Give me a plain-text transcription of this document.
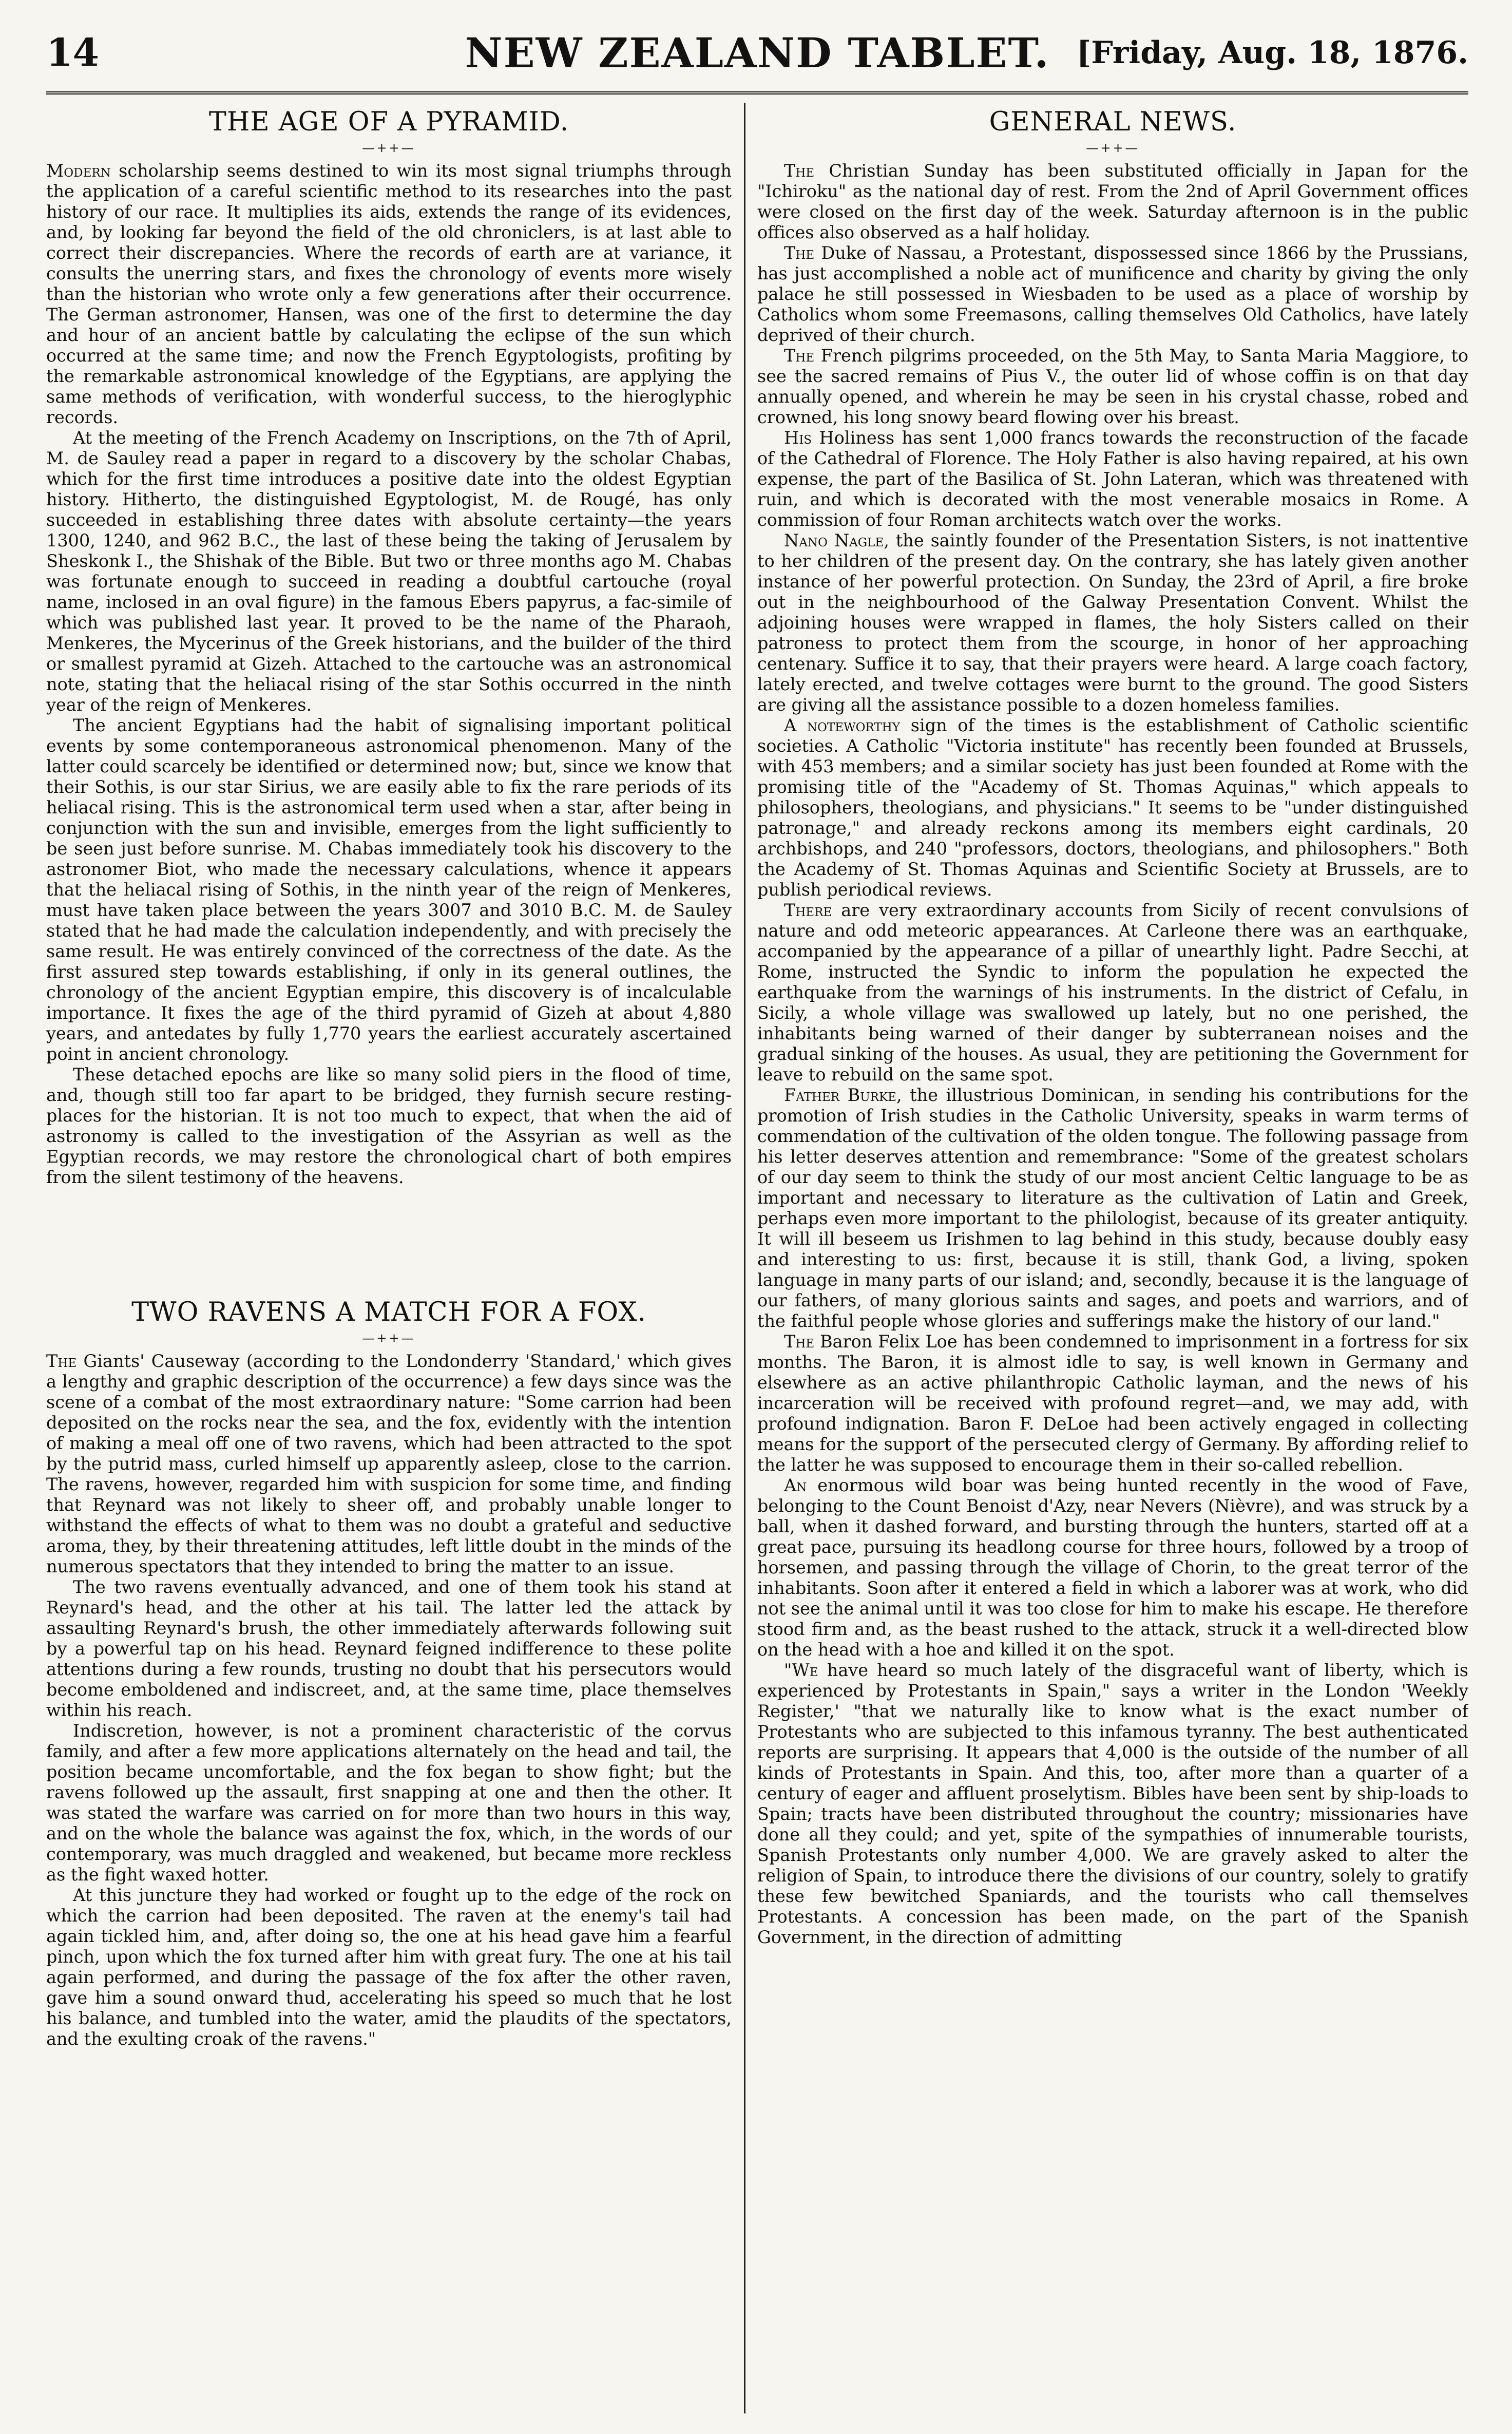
14	NEW ZEALAND TABLET. [Friday, Aug. 18, 1876.
THE AGE OF A PYRAMID.
—++—

Modern scholarship seems destined to win its most signal triumphs through the application of a careful scientific method to its researches into the past history of our race. It multiplies its aids, extends the range of its evidences, and, by looking far beyond the field of the old chroniclers, is at last able to correct their discrepancies. Where the records of earth are at variance, it consults the unerring stars, and fixes the chronology of events more wisely than the historian who wrote only a few generations after their occurrence. The German astronomer, Hansen, was one of the first to determine the day and hour of an ancient battle by calculating the eclipse of the sun which occurred at the same time; and now the French Egyptologists, profiting by the remarkable astronomical knowledge of the Egyptians, are applying the same methods of verification, with wonderful success, to the hieroglyphic records.

At the meeting of the French Academy on Inscriptions, on the 7th of April, M. de Sauley read a paper in regard to a discovery by the scholar Chabas, which for the first time introduces a positive date into the oldest Egyptian history. Hitherto, the distinguished Egyptologist, M. de Rougé, has only succeeded in establishing three dates with absolute certainty—the years 1300, 1240, and 962 B.C., the last of these being the taking of Jerusalem by Sheskonk I., the Shishak of the Bible. But two or three months ago M. Chabas was fortunate enough to succeed in reading a doubtful cartouche (royal name, inclosed in an oval figure) in the famous Ebers papyrus, a fac-simile of which was published last year. It proved to be the name of the Pharaoh, Menkeres, the Mycerinus of the Greek historians, and the builder of the third or smallest pyramid at Gizeh. Attached to the cartouche was an astronomical note, stating that the heliacal rising of the star Sothis occurred in the ninth year of the reign of Menkeres.

The ancient Egyptians had the habit of signalising important political events by some contemporaneous astronomical phenomenon. Many of the latter could scarcely be identified or determined now; but, since we know that their Sothis, is our star Sirius, we are easily able to fix the rare periods of its heliacal rising. This is the astronomical term used when a star, after being in conjunction with the sun and invisible, emerges from the light sufficiently to be seen just before sunrise. M. Chabas immediately took his discovery to the astronomer Biot, who made the necessary calculations, whence it appears that the heliacal rising of Sothis, in the ninth year of the reign of Menkeres, must have taken place between the years 3007 and 3010 B.C. M. de Sauley stated that he had made the calculation independently, and with precisely the same result. He was entirely convinced of the correctness of the date. As the first assured step towards establishing, if only in its general outlines, the chronology of the ancient Egyptian empire, this discovery is of incalculable importance. It fixes the age of the third pyramid of Gizeh at about 4,880 years, and antedates by fully 1,770 years the earliest accurately ascertained point in ancient chronology.

These detached epochs are like so many solid piers in the flood of time, and, though still too far apart to be bridged, they furnish secure resting-places for the historian. It is not too much to expect, that when the aid of astronomy is called to the investigation of the Assyrian as well as the Egyptian records, we may restore the chronological chart of both empires from the silent testimony of the heavens.

TWO RAVENS A MATCH FOR A FOX.
—++—

The Giants' Causeway (according to the Londonderry 'Standard,' which gives a lengthy and graphic description of the occurrence) a few days since was the scene of a combat of the most extraordinary nature: "Some carrion had been deposited on the rocks near the sea, and the fox, evidently with the intention of making a meal off one of two ravens, which had been attracted to the spot by the putrid mass, curled himself up apparently asleep, close to the carrion. The ravens, however, regarded him with suspicion for some time, and finding that Reynard was not likely to sheer off, and probably unable longer to withstand the effects of what to them was no doubt a grateful and seductive aroma, they, by their threatening attitudes, left little doubt in the minds of the numerous spectators that they intended to bring the matter to an issue.

The two ravens eventually advanced, and one of them took his stand at Reynard's head, and the other at his tail. The latter led the attack by assaulting Reynard's brush, the other immediately afterwards following suit by a powerful tap on his head. Reynard feigned indifference to these polite attentions during a few rounds, trusting no doubt that his persecutors would become emboldened and indiscreet, and, at the same time, place themselves within his reach.

Indiscretion, however, is not a prominent characteristic of the corvus family, and after a few more applications alternately on the head and tail, the position became uncomfortable, and the fox began to show fight; but the ravens followed up the assault, first snapping at one and then the other. It was stated the warfare was carried on for more than two hours in this way, and on the whole the balance was against the fox, which, in the words of our contemporary, was much draggled and weakened, but became more reckless as the fight waxed hotter.

At this juncture they had worked or fought up to the edge of the rock on which the carrion had been deposited. The raven at the enemy's tail had again tickled him, and, after doing so, the one at his head gave him a fearful pinch, upon which the fox turned after him with great fury. The one at his tail again performed, and during the passage of the fox after the other raven, gave him a sound onward thud, accelerating his speed so much that he lost his balance, and tumbled into the water, amid the plaudits of the spectators, and the exulting croak of the ravens."

GENERAL NEWS.
—++—

The Christian Sunday has been substituted officially in Japan for the "Ichiroku" as the national day of rest. From the 2nd of April Government offices were closed on the first day of the week. Saturday afternoon is in the public offices also observed as a half holiday.

The Duke of Nassau, a Protestant, dispossessed since 1866 by the Prussians, has just accomplished a noble act of munificence and charity by giving the only palace he still possessed in Wiesbaden to be used as a place of worship by Catholics whom some Freemasons, calling themselves Old Catholics, have lately deprived of their church.

The French pilgrims proceeded, on the 5th May, to Santa Maria Maggiore, to see the sacred remains of Pius V., the outer lid of whose coffin is on that day annually opened, and wherein he may be seen in his crystal chasse, robed and crowned, his long snowy beard flowing over his breast.

His Holiness has sent 1,000 francs towards the reconstruction of the facade of the Cathedral of Florence. The Holy Father is also having repaired, at his own expense, the part of the Basilica of St. John Lateran, which was threatened with ruin, and which is decorated with the most venerable mosaics in Rome. A commission of four Roman architects watch over the works.

Nano Nagle, the saintly founder of the Presentation Sisters, is not inattentive to her children of the present day. On the contrary, she has lately given another instance of her powerful protection. On Sunday, the 23rd of April, a fire broke out in the neighbourhood of the Galway Presentation Convent. Whilst the adjoining houses were wrapped in flames, the holy Sisters called on their patroness to protect them from the scourge, in honor of her approaching centenary. Suffice it to say, that their prayers were heard. A large coach factory, lately erected, and twelve cottages were burnt to the ground. The good Sisters are giving all the assistance possible to a dozen homeless families.

A noteworthy sign of the times is the establishment of Catholic scientific societies. A Catholic "Victoria institute" has recently been founded at Brussels, with 453 members; and a similar society has just been founded at Rome with the promising title of the "Academy of St. Thomas Aquinas," which appeals to philosophers, theologians, and physicians." It seems to be "under distinguished patronage," and already reckons among its members eight cardinals, 20 archbishops, and 240 "professors, doctors, theologians, and philosophers." Both the Academy of St. Thomas Aquinas and Scientific Society at Brussels, are to publish periodical reviews.

There are very extraordinary accounts from Sicily of recent convulsions of nature and odd meteoric appearances. At Carleone there was an earthquake, accompanied by the appearance of a pillar of unearthly light. Padre Secchi, at Rome, instructed the Syndic to inform the population he expected the earthquake from the warnings of his instruments. In the district of Cefalu, in Sicily, a whole village was swallowed up lately, but no one perished, the inhabitants being warned of their danger by subterranean noises and the gradual sinking of the houses. As usual, they are petitioning the Government for leave to rebuild on the same spot.

Father Burke, the illustrious Dominican, in sending his contributions for the promotion of Irish studies in the Catholic University, speaks in warm terms of commendation of the cultivation of the olden tongue. The following passage from his letter deserves attention and remembrance: "Some of the greatest scholars of our day seem to think the study of our most ancient Celtic language to be as important and necessary to literature as the cultivation of Latin and Greek, perhaps even more important to the philologist, because of its greater antiquity. It will ill beseem us Irishmen to lag behind in this study, because doubly easy and interesting to us: first, because it is still, thank God, a living, spoken language in many parts of our island; and, secondly, because it is the language of our fathers, of many glorious saints and sages, and poets and warriors, and of the faithful people whose glories and sufferings make the history of our land."

The Baron Felix Loe has been condemned to imprisonment in a fortress for six months. The Baron, it is almost idle to say, is well known in Germany and elsewhere as an active philanthropic Catholic layman, and the news of his incarceration will be received with profound regret—and, we may add, with profound indignation. Baron F. DeLoe had been actively engaged in collecting means for the support of the persecuted clergy of Germany. By affording relief to the latter he was supposed to encourage them in their so-called rebellion.

An enormous wild boar was being hunted recently in the wood of Fave, belonging to the Count Benoist d'Azy, near Nevers (Nièvre), and was struck by a ball, when it dashed forward, and bursting through the hunters, started off at a great pace, pursuing its headlong course for three hours, followed by a troop of horsemen, and passing through the village of Chorin, to the great terror of the inhabitants. Soon after it entered a field in which a laborer was at work, who did not see the animal until it was too close for him to make his escape. He therefore stood firm and, as the beast rushed to the attack, struck it a well-directed blow on the head with a hoe and killed it on the spot.

"We have heard so much lately of the disgraceful want of liberty, which is experienced by Protestants in Spain," says a writer in the London 'Weekly Register,' "that we naturally like to know what is the exact number of Protestants who are subjected to this infamous tyranny. The best authenticated reports are surprising. It appears that 4,000 is the outside of the number of all kinds of Protestants in Spain. And this, too, after more than a quarter of a century of eager and affluent proselytism. Bibles have been sent by ship-loads to Spain; tracts have been distributed throughout the country; missionaries have done all they could; and yet, spite of the sympathies of innumerable tourists, Spanish Protestants only number 4,000. We are gravely asked to alter the religion of Spain, to introduce there the divisions of our country, solely to gratify these few bewitched Spaniards, and the tourists who call themselves Protestants. A concession has been made, on the part of the Spanish Government, in the direction of admitting
